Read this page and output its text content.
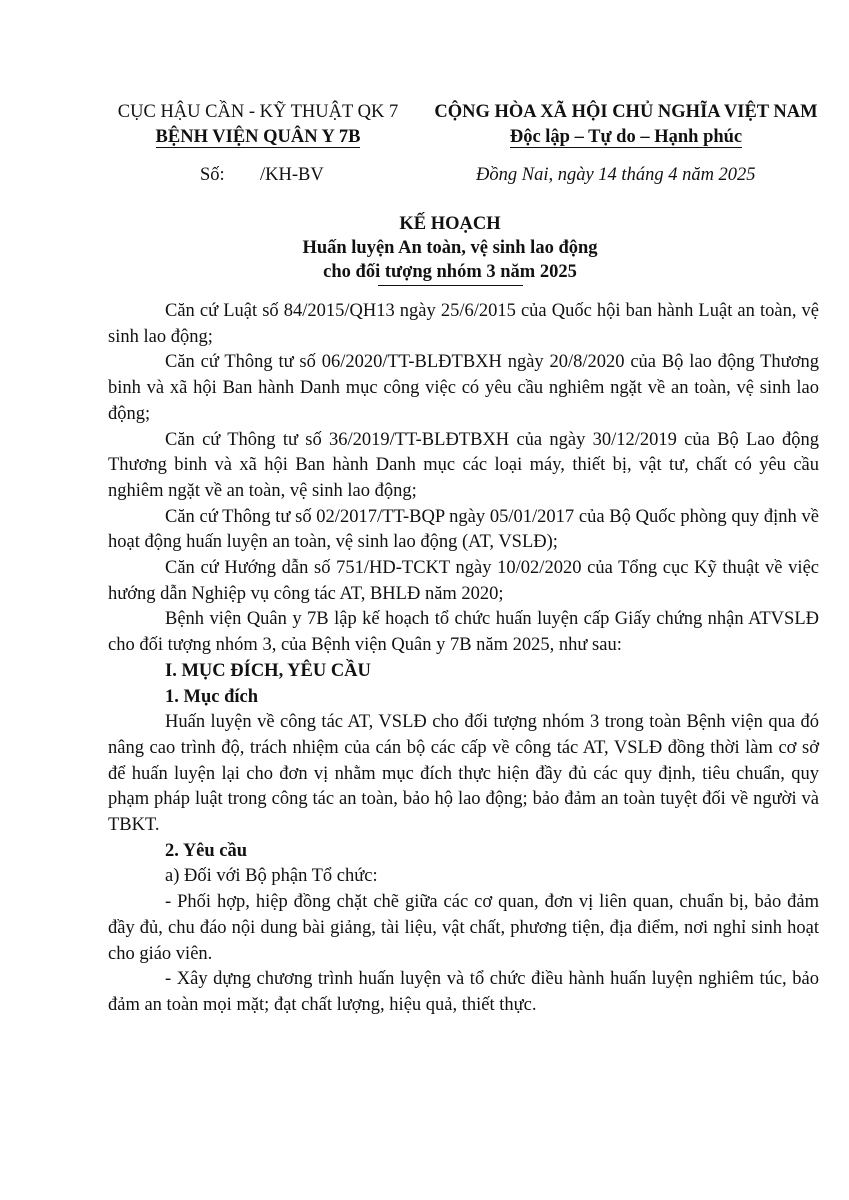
CỤC HẬU CẦN - KỸ THUẬT QK 7
BỆNH VIỆN QUÂN Y 7B
CỘNG HÒA XÃ HỘI CHỦ NGHĨA VIỆT NAM
Độc lập – Tự do – Hạnh phúc
Số: /KH-BV	Đồng Nai, ngày 14 tháng 4 năm 2025
KẾ HOẠCH
Huấn luyện An toàn, vệ sinh lao động
cho đối tượng nhóm 3 năm 2025

Căn cứ Luật số 84/2015/QH13 ngày 25/6/2015 của Quốc hội ban hành Luật an toàn, vệ sinh lao động;

Căn cứ Thông tư số 06/2020/TT-BLĐTBXH ngày 20/8/2020 của Bộ lao động Thương binh và xã hội Ban hành Danh mục công việc có yêu cầu nghiêm ngặt về an toàn, vệ sinh lao động;

Căn cứ Thông tư số 36/2019/TT-BLĐTBXH của ngày 30/12/2019 của Bộ Lao động Thương binh và xã hội Ban hành Danh mục các loại máy, thiết bị, vật tư, chất có yêu cầu nghiêm ngặt về an toàn, vệ sinh lao động;

Căn cứ Thông tư số 02/2017/TT-BQP ngày 05/01/2017 của Bộ Quốc phòng quy định về hoạt động huấn luyện an toàn, vệ sinh lao động (AT, VSLĐ);

Căn cứ Hướng dẫn số 751/HD-TCKT ngày 10/02/2020 của Tổng cục Kỹ thuật về việc hướng dẫn Nghiệp vụ công tác AT, BHLĐ năm 2020;

Bệnh viện Quân y 7B lập kế hoạch tổ chức huấn luyện cấp Giấy chứng nhận ATVSLĐ cho đối tượng nhóm 3, của Bệnh viện Quân y 7B năm 2025, như sau:

I. MỤC ĐÍCH, YÊU CẦU

1. Mục đích

Huấn luyện về công tác AT, VSLĐ cho đối tượng nhóm 3 trong toàn Bệnh viện qua đó nâng cao trình độ, trách nhiệm của cán bộ các cấp về công tác AT, VSLĐ đồng thời làm cơ sở để huấn luyện lại cho đơn vị nhằm mục đích thực hiện đầy đủ các quy định, tiêu chuẩn, quy phạm pháp luật trong công tác an toàn, bảo hộ lao động; bảo đảm an toàn tuyệt đối về người và TBKT.

2. Yêu cầu

a) Đối với Bộ phận Tổ chức:

- Phối hợp, hiệp đồng chặt chẽ giữa các cơ quan, đơn vị liên quan, chuẩn bị, bảo đảm đầy đủ, chu đáo nội dung bài giảng, tài liệu, vật chất, phương tiện, địa điểm, nơi nghỉ sinh hoạt cho giáo viên.

- Xây dựng chương trình huấn luyện và tổ chức điều hành huấn luyện nghiêm túc, bảo đảm an toàn mọi mặt; đạt chất lượng, hiệu quả, thiết thực.
